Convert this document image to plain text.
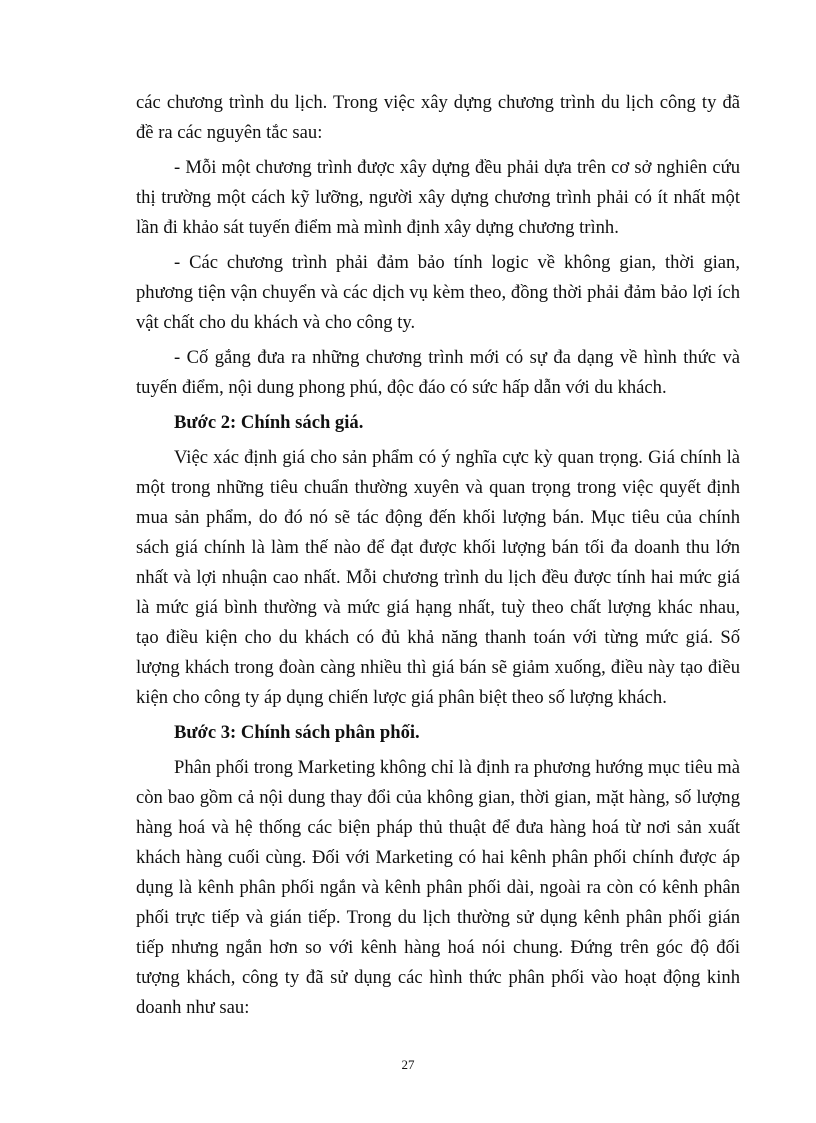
các chương trình du lịch. Trong việc xây dựng chương trình du lịch công ty đã đề ra các nguyên tắc sau:

- Mỗi một chương trình được xây dựng đều phải dựa trên cơ sở nghiên cứu thị trường một cách kỹ lưỡng, người xây dựng chương trình phải có ít nhất một lần đi khảo sát tuyến điểm mà mình định xây dựng chương trình.

- Các chương trình phải đảm bảo tính logic về không gian, thời gian, phương tiện vận chuyển và các dịch vụ kèm theo, đồng thời phải đảm bảo lợi ích vật chất cho du khách và cho công ty.

- Cố gắng đưa ra những chương trình mới có sự đa dạng về hình thức và tuyến điểm, nội dung phong phú, độc đáo có sức hấp dẫn với du khách.

Bước 2: Chính sách giá.

Việc xác định giá cho sản phẩm có ý nghĩa cực kỳ quan trọng. Giá chính là một trong những tiêu chuẩn thường xuyên và quan trọng trong việc quyết định mua sản phẩm, do đó nó sẽ tác động đến khối lượng bán. Mục tiêu của chính sách giá chính là làm thế nào để đạt được khối lượng bán tối đa doanh thu lớn nhất và lợi nhuận cao nhất. Mỗi chương trình du lịch đều được tính hai mức giá là mức giá bình thường và mức giá hạng nhất, tuỳ theo chất lượng khác nhau, tạo điều kiện cho du khách có đủ khả năng thanh toán với từng mức giá. Số lượng khách trong đoàn càng nhiều thì giá bán sẽ giảm xuống, điều này tạo điều kiện cho công ty áp dụng chiến lược giá phân biệt theo số lượng khách.

Bước 3: Chính sách phân phối.

Phân phối trong Marketing không chỉ là định ra phương hướng mục tiêu mà còn bao gồm cả nội dung thay đổi của không gian, thời gian, mặt hàng, số lượng hàng hoá và hệ thống các biện pháp thủ thuật để đưa hàng hoá từ nơi sản xuất khách hàng cuối cùng. Đối với Marketing có hai kênh phân phối chính được áp dụng là kênh phân phối ngắn và kênh phân phối dài, ngoài ra còn có kênh phân phối trực tiếp và gián tiếp. Trong du lịch thường sử dụng kênh phân phối gián tiếp nhưng ngắn hơn so với kênh hàng hoá nói chung. Đứng trên góc độ đối tượng khách, công ty đã sử dụng các hình thức phân phối vào hoạt động kinh doanh như sau:

27
